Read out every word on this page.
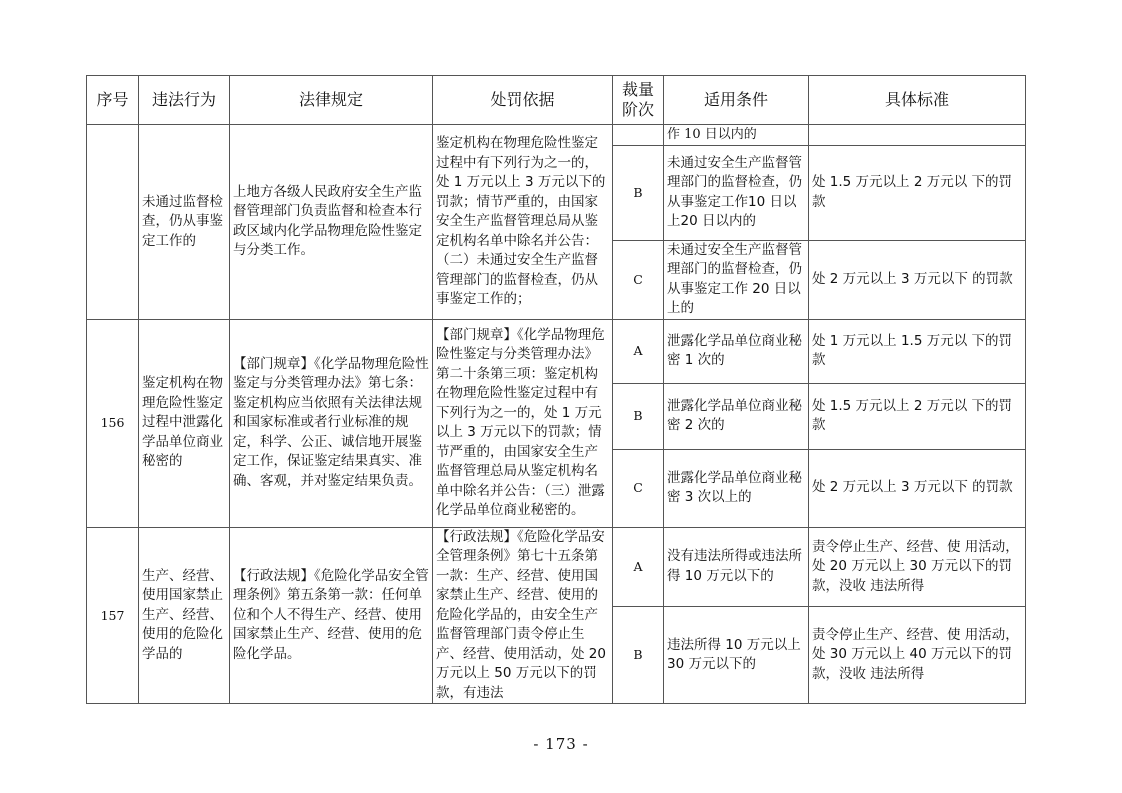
序号	违法行为	法律规定	处罚依据	裁量阶次	适用条件	具体标准
	未通过监督检查，仍从事鉴定工作的	上地方各级人民政府安全生产监督管理部门负责监督和检查本行政区域内化学品物理危险性鉴定与分类工作。	鉴定机构在物理危险性鉴定过程中有下列行为之一的，处 1 万元以上 3 万元以下的罚款；情节严重的，由国家安全生产监督管理总局从鉴定机构名单中除名并公告：（二）未通过安全生产监督管理部门的监督检查，仍从事鉴定工作的；		作 10 日以内的	
				B	未通过安全生产监督管理部门的监督检查，仍从事鉴定工作10 日以上20 日以内的	处 1.5 万元以上 2 万元以 下的罚款
				C	未通过安全生产监督管理部门的监督检查，仍从事鉴定工作 20 日以上的	处 2 万元以上 3 万元以下 的罚款
156	鉴定机构在物理危险性鉴定过程中泄露化学品单位商业秘密的	【部门规章】《化学品物理危险性鉴定与分类管理办法》第七条：鉴定机构应当依照有关法律法规和国家标准或者行业标准的规定，科学、公正、诚信地开展鉴定工作，保证鉴定结果真实、准确、客观，并对鉴定结果负责。	【部门规章】《化学品物理危险性鉴定与分类管理办法》第二十条第三项：鉴定机构在物理危险性鉴定过程中有下列行为之一的，处 1 万元以上 3 万元以下的罚款；情节严重的，由国家安全生产监督管理总局从鉴定机构名单中除名并公告：（三）泄露化学品单位商业秘密的。	A	泄露化学品单位商业秘密 1 次的	处 1 万元以上 1.5 万元以 下的罚款
				B	泄露化学品单位商业秘密 2 次的	处 1.5 万元以上 2 万元以 下的罚款
				C	泄露化学品单位商业秘密 3 次以上的	处 2 万元以上 3 万元以下 的罚款
157	生产、经营、使用国家禁止生产、经营、使用的危险化学品的	【行政法规】《危险化学品安全管理条例》第五条第一款：任何单位和个人不得生产、经营、使用国家禁止生产、经营、使用的危险化学品。	【行政法规】《危险化学品安全管理条例》第七十五条第一款：生产、经营、使用国家禁止生产、经营、使用的危险化学品的，由安全生产监督管理部门责令停止生产、经营、使用活动，处 20 万元以上 50 万元以下的罚款，有违法	A	没有违法所得或违法所得 10 万元以下的	责令停止生产、经营、使 用活动，处 20 万元以上 30 万元以下的罚款，没收 违法所得
				B	违法所得 10 万元以上 30 万元以下的	责令停止生产、经营、使 用活动，处 30 万元以上 40 万元以下的罚款，没收 违法所得
- 173 -
